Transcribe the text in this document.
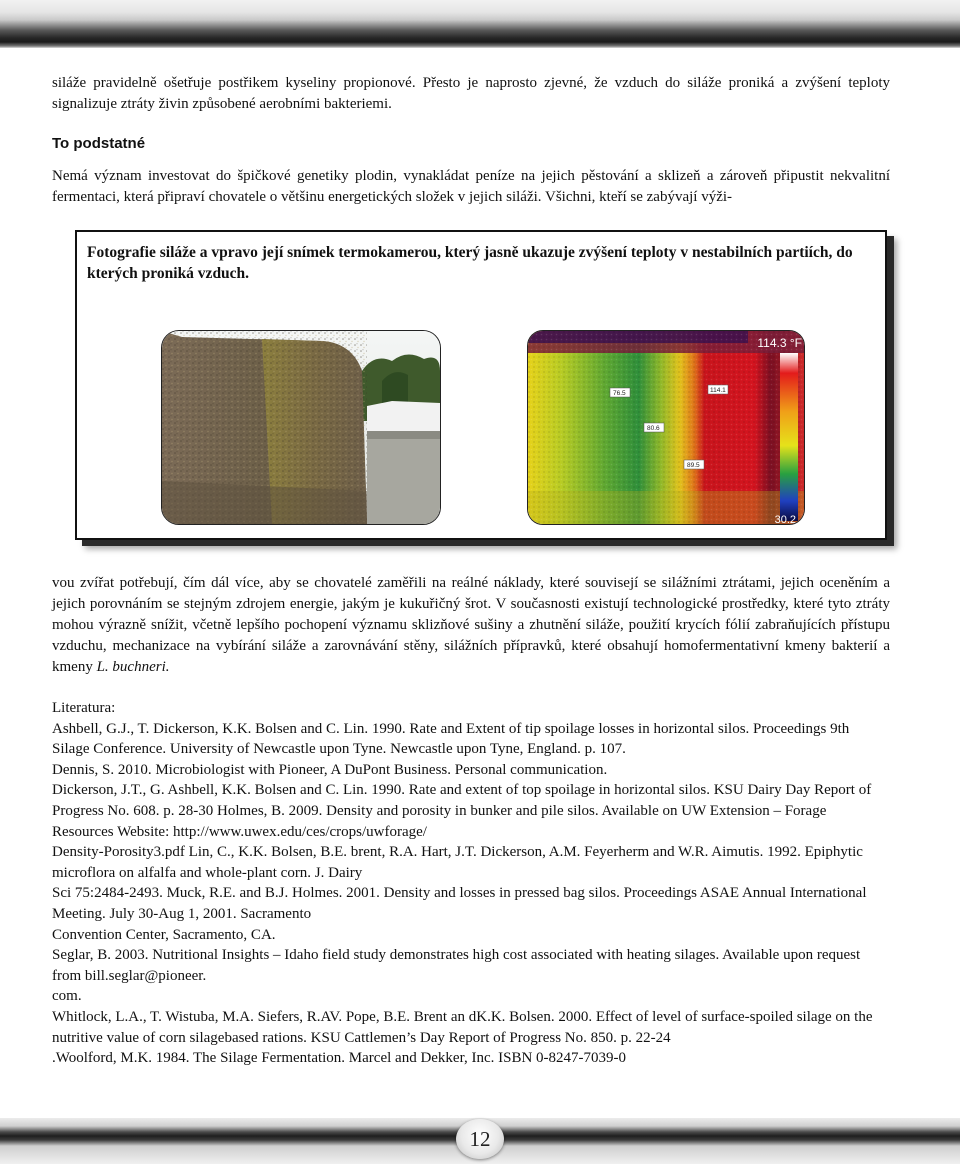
siláže pravidelně ošetřuje postřikem kyseliny propionové. Přesto je naprosto zjevné, že vzduch do siláže proniká a zvýšení teploty signalizuje ztráty živin způsobené aerobními bakteriemi.
To podstatné
Nemá význam investovat do špičkové genetiky plodin, vynakládat peníze na jejich pěstování a sklizeň a zároveň připustit nekvalitní fermentaci, která připraví chovatele o většinu energetických složek v jejich siláži. Všichni, kteří se zabývají výži-
Fotografie siláže a vpravo její snímek termokamerou, který jasně ukazuje zvýšení teploty v nestabilních partiích, do kterých proniká vzduch.
114.3 °F
30.2
76.5	114.1
80.6
89.5
vou zvířat potřebují, čím dál více, aby se chovatelé zaměřili na reálné náklady, které souvisejí se silážními ztrátami, jejich oceněním a jejich porovnáním se stejným zdrojem energie, jakým je kukuřičný šrot. V současnosti existují technologické prostředky, které tyto ztráty mohou výrazně snížit, včetně lepšího pochopení významu sklizňové sušiny a zhutnění siláže, použití krycích fólií zabraňujících přístupu vzduchu, mechanizace na vybírání siláže a zarovnávání stěny, silážních přípravků, které obsahují homofermentativní kmeny bakterií a kmeny L. buchneri.

Literatura:

Ashbell, G.J., T. Dickerson, K.K. Bolsen and C. Lin. 1990. Rate and Extent of tip spoilage losses in horizontal silos. Proceedings 9th Silage Conference. University of Newcastle upon Tyne. Newcastle upon Tyne, England. p. 107.

Dennis, S. 2010. Microbiologist with Pioneer, A DuPont Business. Personal communication.

Dickerson, J.T., G. Ashbell, K.K. Bolsen and C. Lin. 1990. Rate and extent of top spoilage in horizontal silos. KSU Dairy Day Report of Progress No. 608. p. 28-30 Holmes, B. 2009. Density and porosity in bunker and pile silos. Available on UW Extension – Forage Resources Website: http://www.uwex.edu/ces/crops/uwforage/

Density-Porosity3.pdf Lin, C., K.K. Bolsen, B.E. brent, R.A. Hart, J.T. Dickerson, A.M. Feyerherm and W.R. Aimutis. 1992. Epiphytic microflora on alfalfa and whole-plant corn. J. Dairy

Sci 75:2484-2493. Muck, R.E. and B.J. Holmes. 2001. Density and losses in pressed bag silos. Proceedings ASAE Annual International Meeting. July 30-Aug 1, 2001. Sacramento

Convention Center, Sacramento, CA.

Seglar, B. 2003. Nutritional Insights – Idaho field study demonstrates high cost associated with heating silages. Available upon request from bill.seglar@pioneer.

com.

Whitlock, L.A., T. Wistuba, M.A. Siefers, R.AV. Pope, B.E. Brent an dK.K. Bolsen. 2000. Effect of level of surface-spoiled silage on the nutritive value of corn silagebased rations. KSU Cattlemen’s Day Report of Progress No. 850. p. 22-24

.Woolford, M.K. 1984. The Silage Fermentation. Marcel and Dekker, Inc. ISBN 0-8247-7039-0

12
